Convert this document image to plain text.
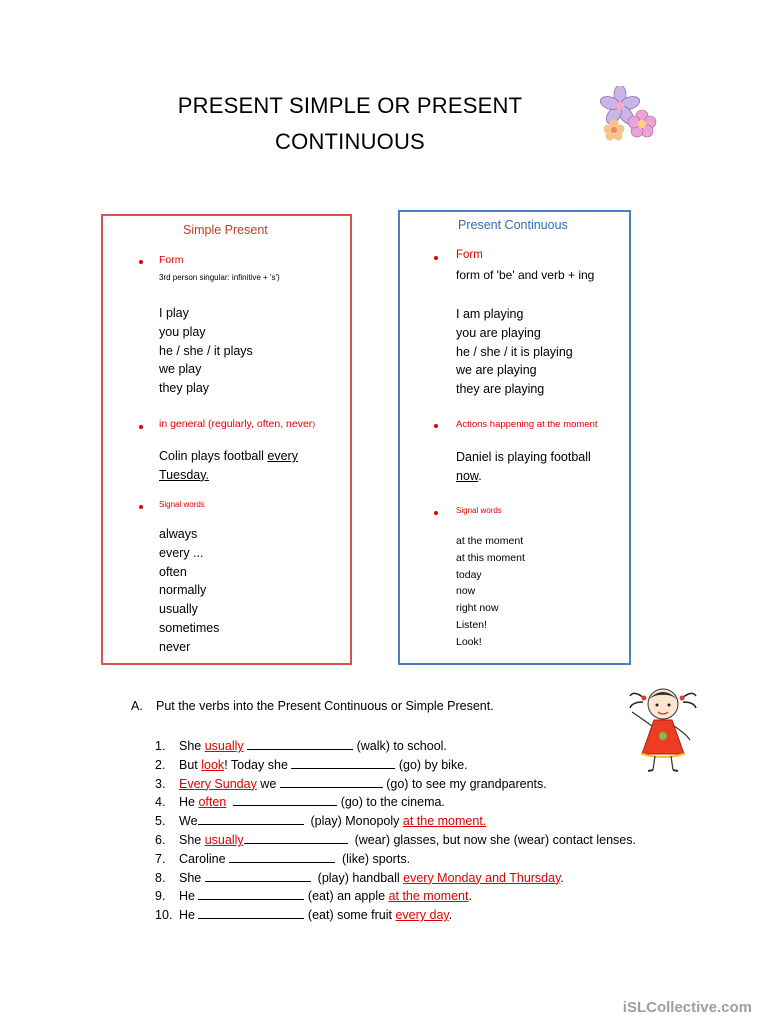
PRESENT SIMPLE OR PRESENT
CONTINUOUS
Simple Present
Form
3rd person singular: infinitive + 's')
I play
you play
he / she / it plays
we play
they play
in general (regularly, often, never)
Colin plays football every
Tuesday.
Signal words
always
every ...
often
normally
usually
sometimes
never
Present Continuous
Form
form of 'be' and verb + ing
I am playing
you are playing
he / she / it is playing
we are playing
they are playing
Actions happening at the moment
Daniel is playing football
now.
Signal words
at the moment
at this moment
today
now
right now
Listen!
Look!
A. Put the verbs into the Present Continuous or Simple Present.
1. She usually	(walk) to school.
2. But look! Today she	(go) by bike.
3. Every Sunday we	(go) to see my grandparents.
4. He often	(go) to the cinema.
5. We	(play) Monopoly at the moment.
6. She usually	(wear) glasses, but now she (wear) contact lenses.
7. Caroline	(like) sports.
8. She	(play) handball every Monday and Thursday.
9. He	(eat) an apple at the moment.
10. He	(eat) some fruit every day.
iSLCollective.com
